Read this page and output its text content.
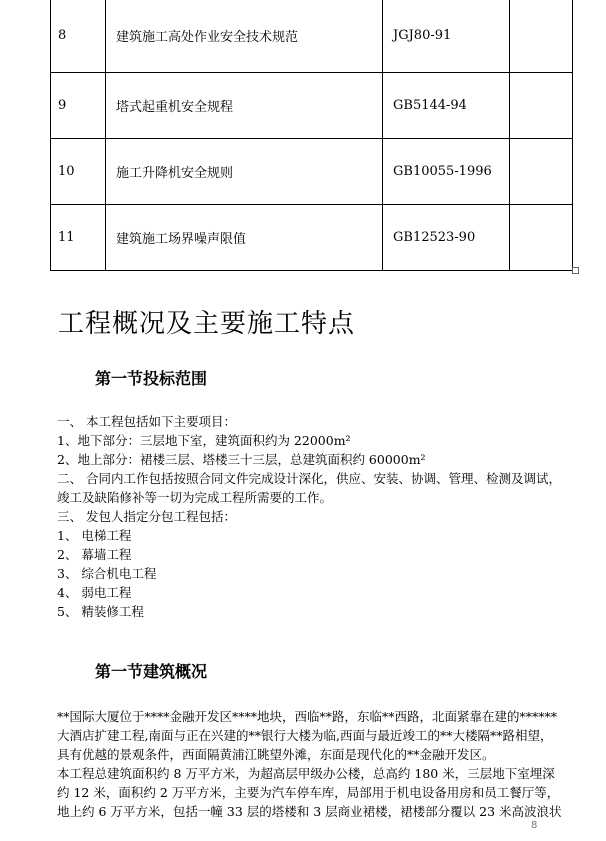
8	建筑施工高处作业安全技术规范	JGJ80-91	
9	塔式起重机安全规程	GB5144-94	
10	施工升降机安全规则	GB10055-1996	
11	建筑施工场界噪声限值	GB12523-90	
工程概况及主要施工特点
第一节投标范围
一、 本工程包括如下主要项目：
1、地下部分：三层地下室，建筑面积约为 22000m²
2、地上部分：裙楼三层、塔楼三十三层，总建筑面积约 60000m²
二、 合同内工作包括按照合同文件完成设计深化，供应、安装、协调、管理、检测及调试，
竣工及缺陷修补等一切为完成工程所需要的工作。
三、 发包人指定分包工程包括：
1、 电梯工程
2、 幕墙工程
3、 综合机电工程
4、 弱电工程
5、 精装修工程
第一节建筑概况
**国际大厦位于****金融开发区****地块，西临**路，东临**西路，北面紧靠在建的******
大酒店扩建工程,南面与正在兴建的**银行大楼为临,西面与最近竣工的**大楼隔**路相望，
具有优越的景观条件，西面隔黄浦江眺望外滩，东面是现代化的**金融开发区。
本工程总建筑面积约 8 万平方米，为超高层甲级办公楼，总高约 180 米，三层地下室埋深
约 12 米，面积约 2 万平方米，主要为汽车停车库，局部用于机电设备用房和员工餐厅等，
地上约 6 万平方米，包括一幢 33 层的塔楼和 3 层商业裙楼，裙楼部分覆以 23 米高波浪状
8
